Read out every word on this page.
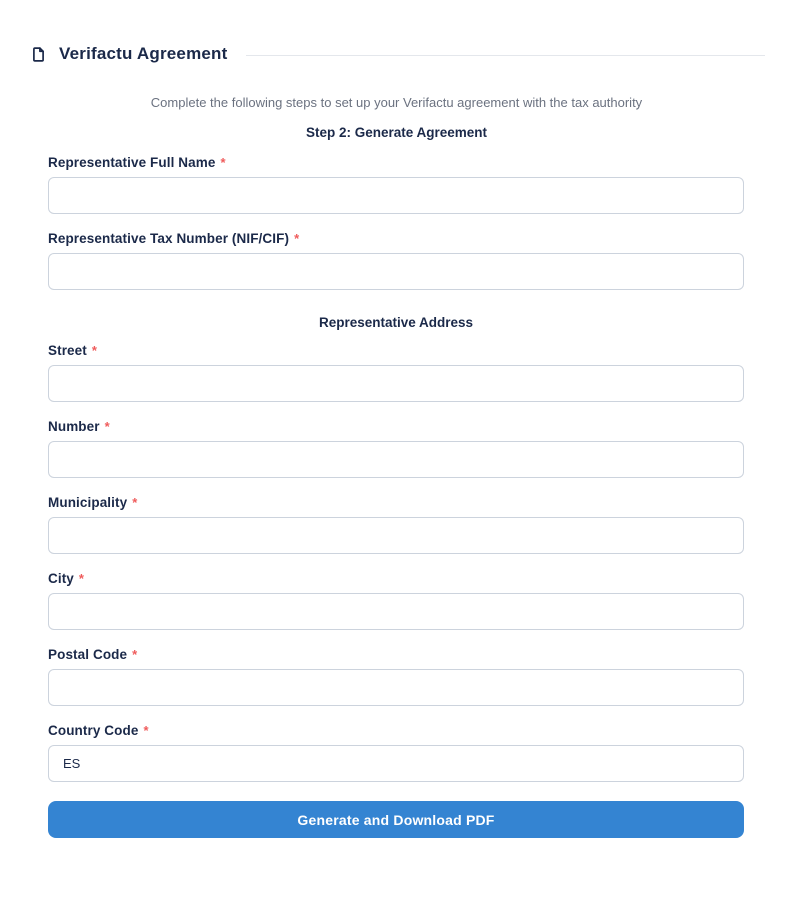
Verifactu Agreement

Complete the following steps to set up your Verifactu agreement with the tax authority

Step 2: Generate Agreement

Representative Full Name *
Representative Tax Number (NIF/CIF) *
Representative Address
Street *
Number *
Municipality *
City *
Postal Code *
Country Code *
ES
Generate and Download PDF
